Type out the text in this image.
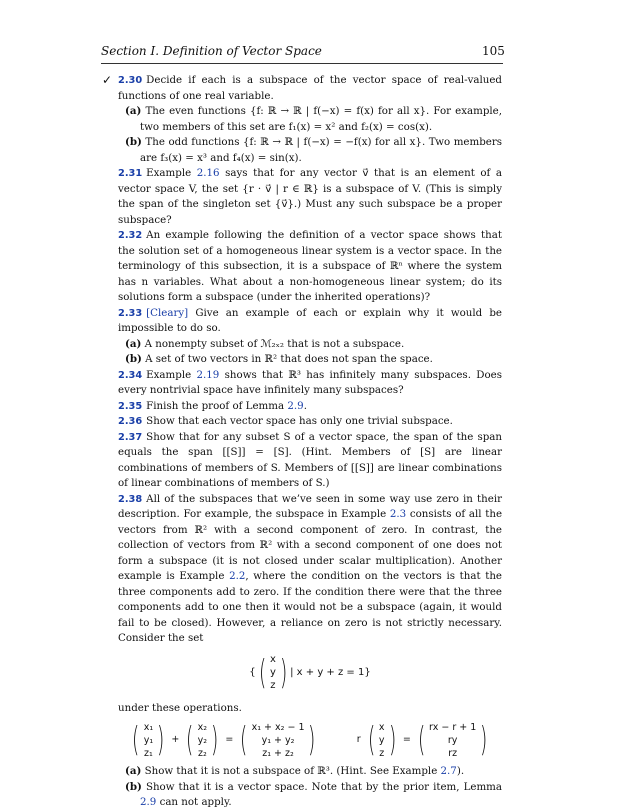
Section I. Definition of Vector Space	105
✓ 2.30 Decide if each is a subspace of the vector space of real-valued functions of one real variable.
(a) The even functions {f: ℝ → ℝ | f(−x) = f(x) for all x}. For example, two members of this set are f₁(x) = x² and f₂(x) = cos(x).
(b) The odd functions {f: ℝ → ℝ | f(−x) = −f(x) for all x}. Two members are f₃(x) = x³ and f₄(x) = sin(x).
2.31 Example 2.16 says that for any vector v⃗ that is an element of a vector space V, the set {r · v⃗ | r ∈ ℝ} is a subspace of V. (This is simply the span of the singleton set {v⃗}.) Must any such subspace be a proper subspace?
2.32 An example following the definition of a vector space shows that the solution set of a homogeneous linear system is a vector space. In the terminology of this subsection, it is a subspace of ℝⁿ where the system has n variables. What about a non-homogeneous linear system; do its solutions form a subspace (under the inherited operations)?
2.33 [Cleary] Give an example of each or explain why it would be impossible to do so.
(a) A nonempty subset of ℳ₂ₓ₂ that is not a subspace.
(b) A set of two vectors in ℝ² that does not span the space.
2.34 Example 2.19 shows that ℝ³ has infinitely many subspaces. Does every nontrivial space have infinitely many subspaces?
2.35 Finish the proof of Lemma 2.9.
2.36 Show that each vector space has only one trivial subspace.
2.37 Show that for any subset S of a vector space, the span of the span equals the span [[S]] = [S]. (Hint. Members of [S] are linear combinations of members of S. Members of [[S]] are linear combinations of linear combinations of members of S.)
2.38 All of the subspaces that we’ve seen in some way use zero in their description. For example, the subspace in Example 2.3 consists of all the vectors from ℝ² with a second component of zero. In contrast, the collection of vectors from ℝ² with a second component of one does not form a subspace (it is not closed under scalar multiplication). Another example is Example 2.2, where the condition on the vectors is that the three components add to zero. If the condition there were that the three components add to one then it would not be a subspace (again, it would fail to be closed). However, a reliance on zero is not strictly necessary. Consider the set
{ ( x
y
z ) | x + y + z = 1}
under these operations.
( x₁
y₁
z₁ ) + ( x₂
y₂
z₂ ) = ( x₁ + x₂ − 1
y₁ + y₂
z₁ + z₂ )	r ( x
y
z ) = ( rx − r + 1
ry
rz )
(a) Show that it is not a subspace of ℝ³. (Hint. See Example 2.7).
(b) Show that it is a vector space. Note that by the prior item, Lemma 2.9 can not apply.
